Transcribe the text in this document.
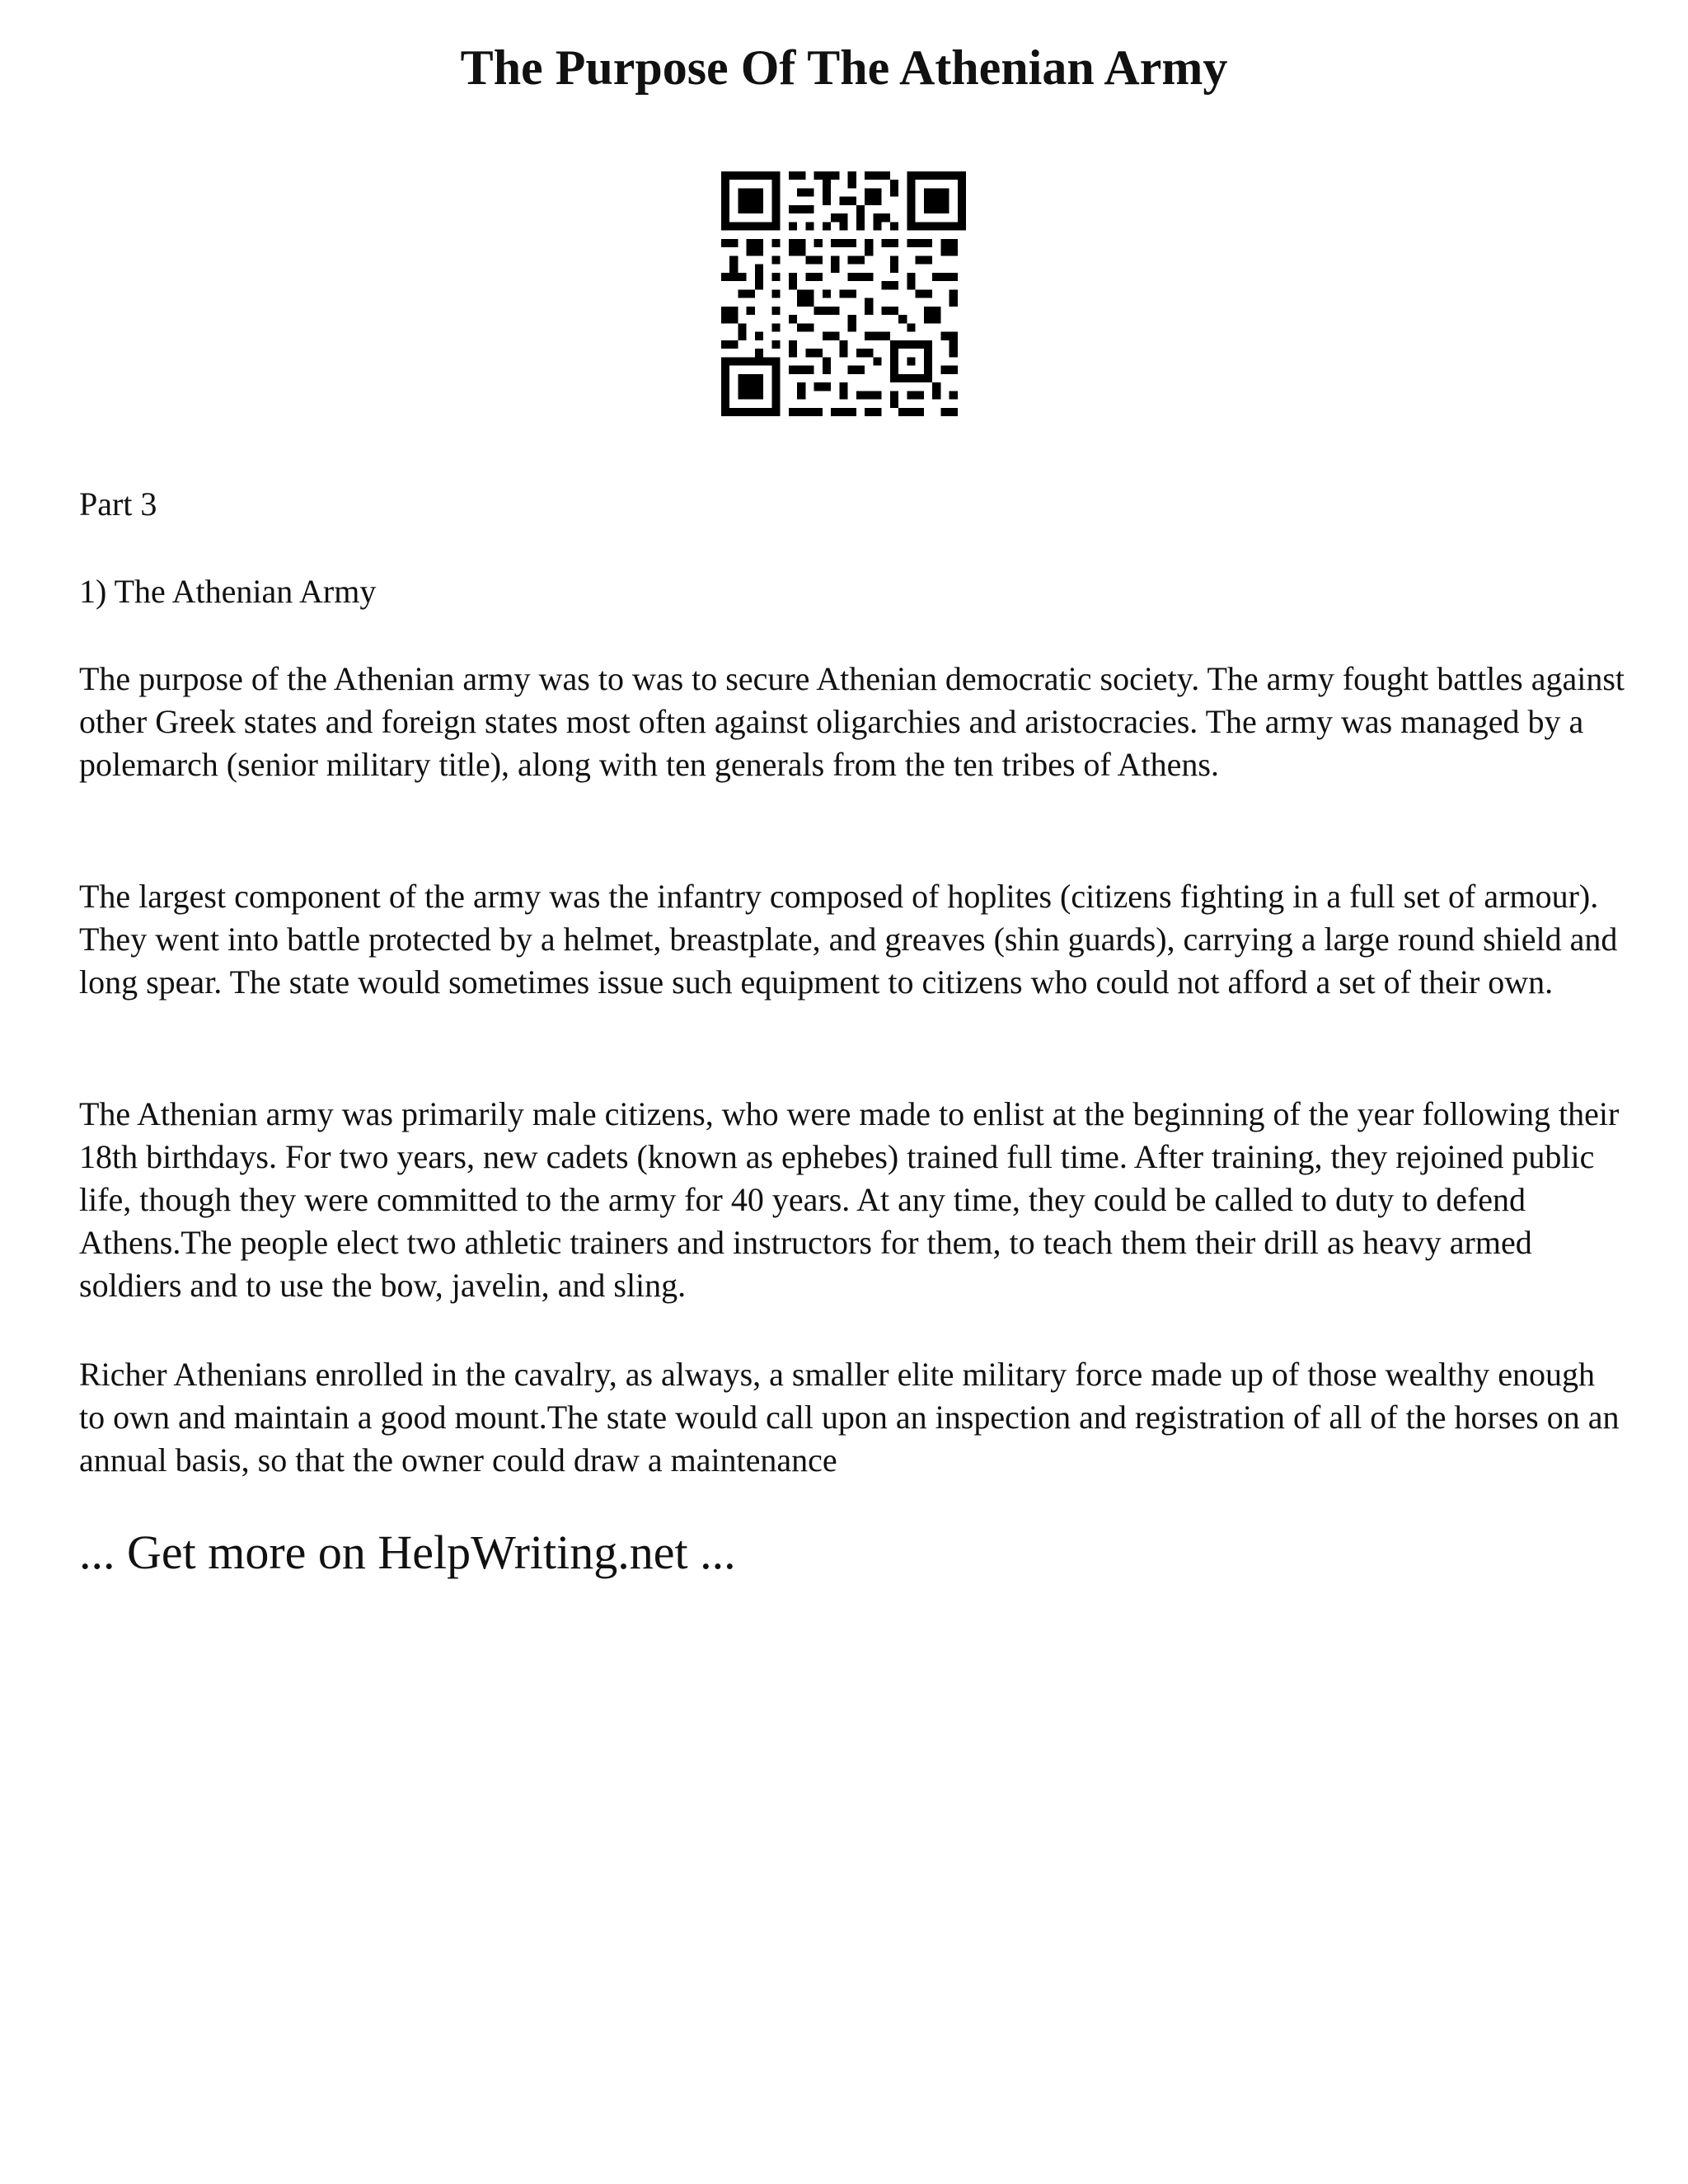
The Purpose Of The Athenian Army

Part 3

1) The Athenian Army

The purpose of the Athenian army was to was to secure Athenian democratic society. The army fought battles against other Greek states and foreign states most often against oligarchies and aristocracies. The army was managed by a polemarch (senior military title), along with ten generals from the ten tribes of Athens.

The largest component of the army was the infantry composed of hoplites (citizens fighting in a full set of armour). They went into battle protected by a helmet, breastplate, and greaves (shin guards), carrying a large round shield and long spear. The state would sometimes issue such equipment to citizens who could not afford a set of their own.

The Athenian army was primarily male citizens, who were made to enlist at the beginning of the year following their 18th birthdays. For two years, new cadets (known as ephebes) trained full time. After training, they rejoined public life, though they were committed to the army for 40 years. At any time, they could be called to duty to defend Athens.The people elect two athletic trainers and instructors for them, to teach them their drill as heavy armed soldiers and to use the bow, javelin, and sling.

Richer Athenians enrolled in the cavalry, as always, a smaller elite military force made up of those wealthy enough to own and maintain a good mount.The state would call upon an inspection and registration of all of the horses on an annual basis, so that the owner could draw a maintenance

... Get more on HelpWriting.net ...
